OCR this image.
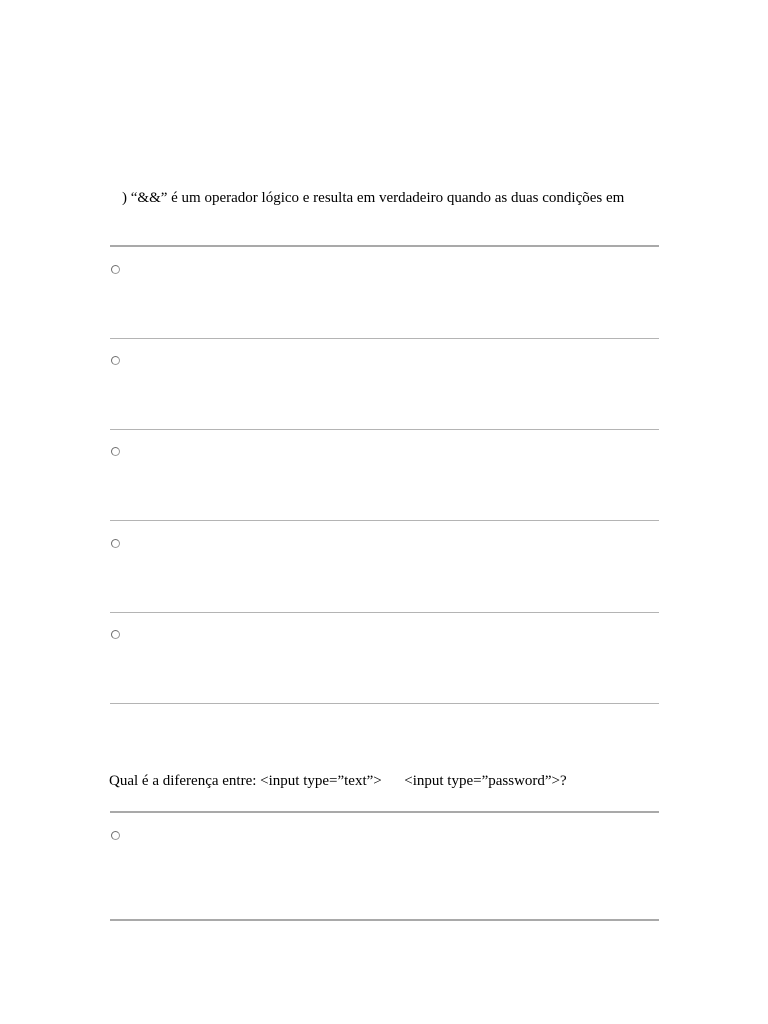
) “&&” é um operador lógico e resulta em verdadeiro quando as duas condições em
Qual é a diferença entre: <input type=”text”>      <input type=”password”>?
